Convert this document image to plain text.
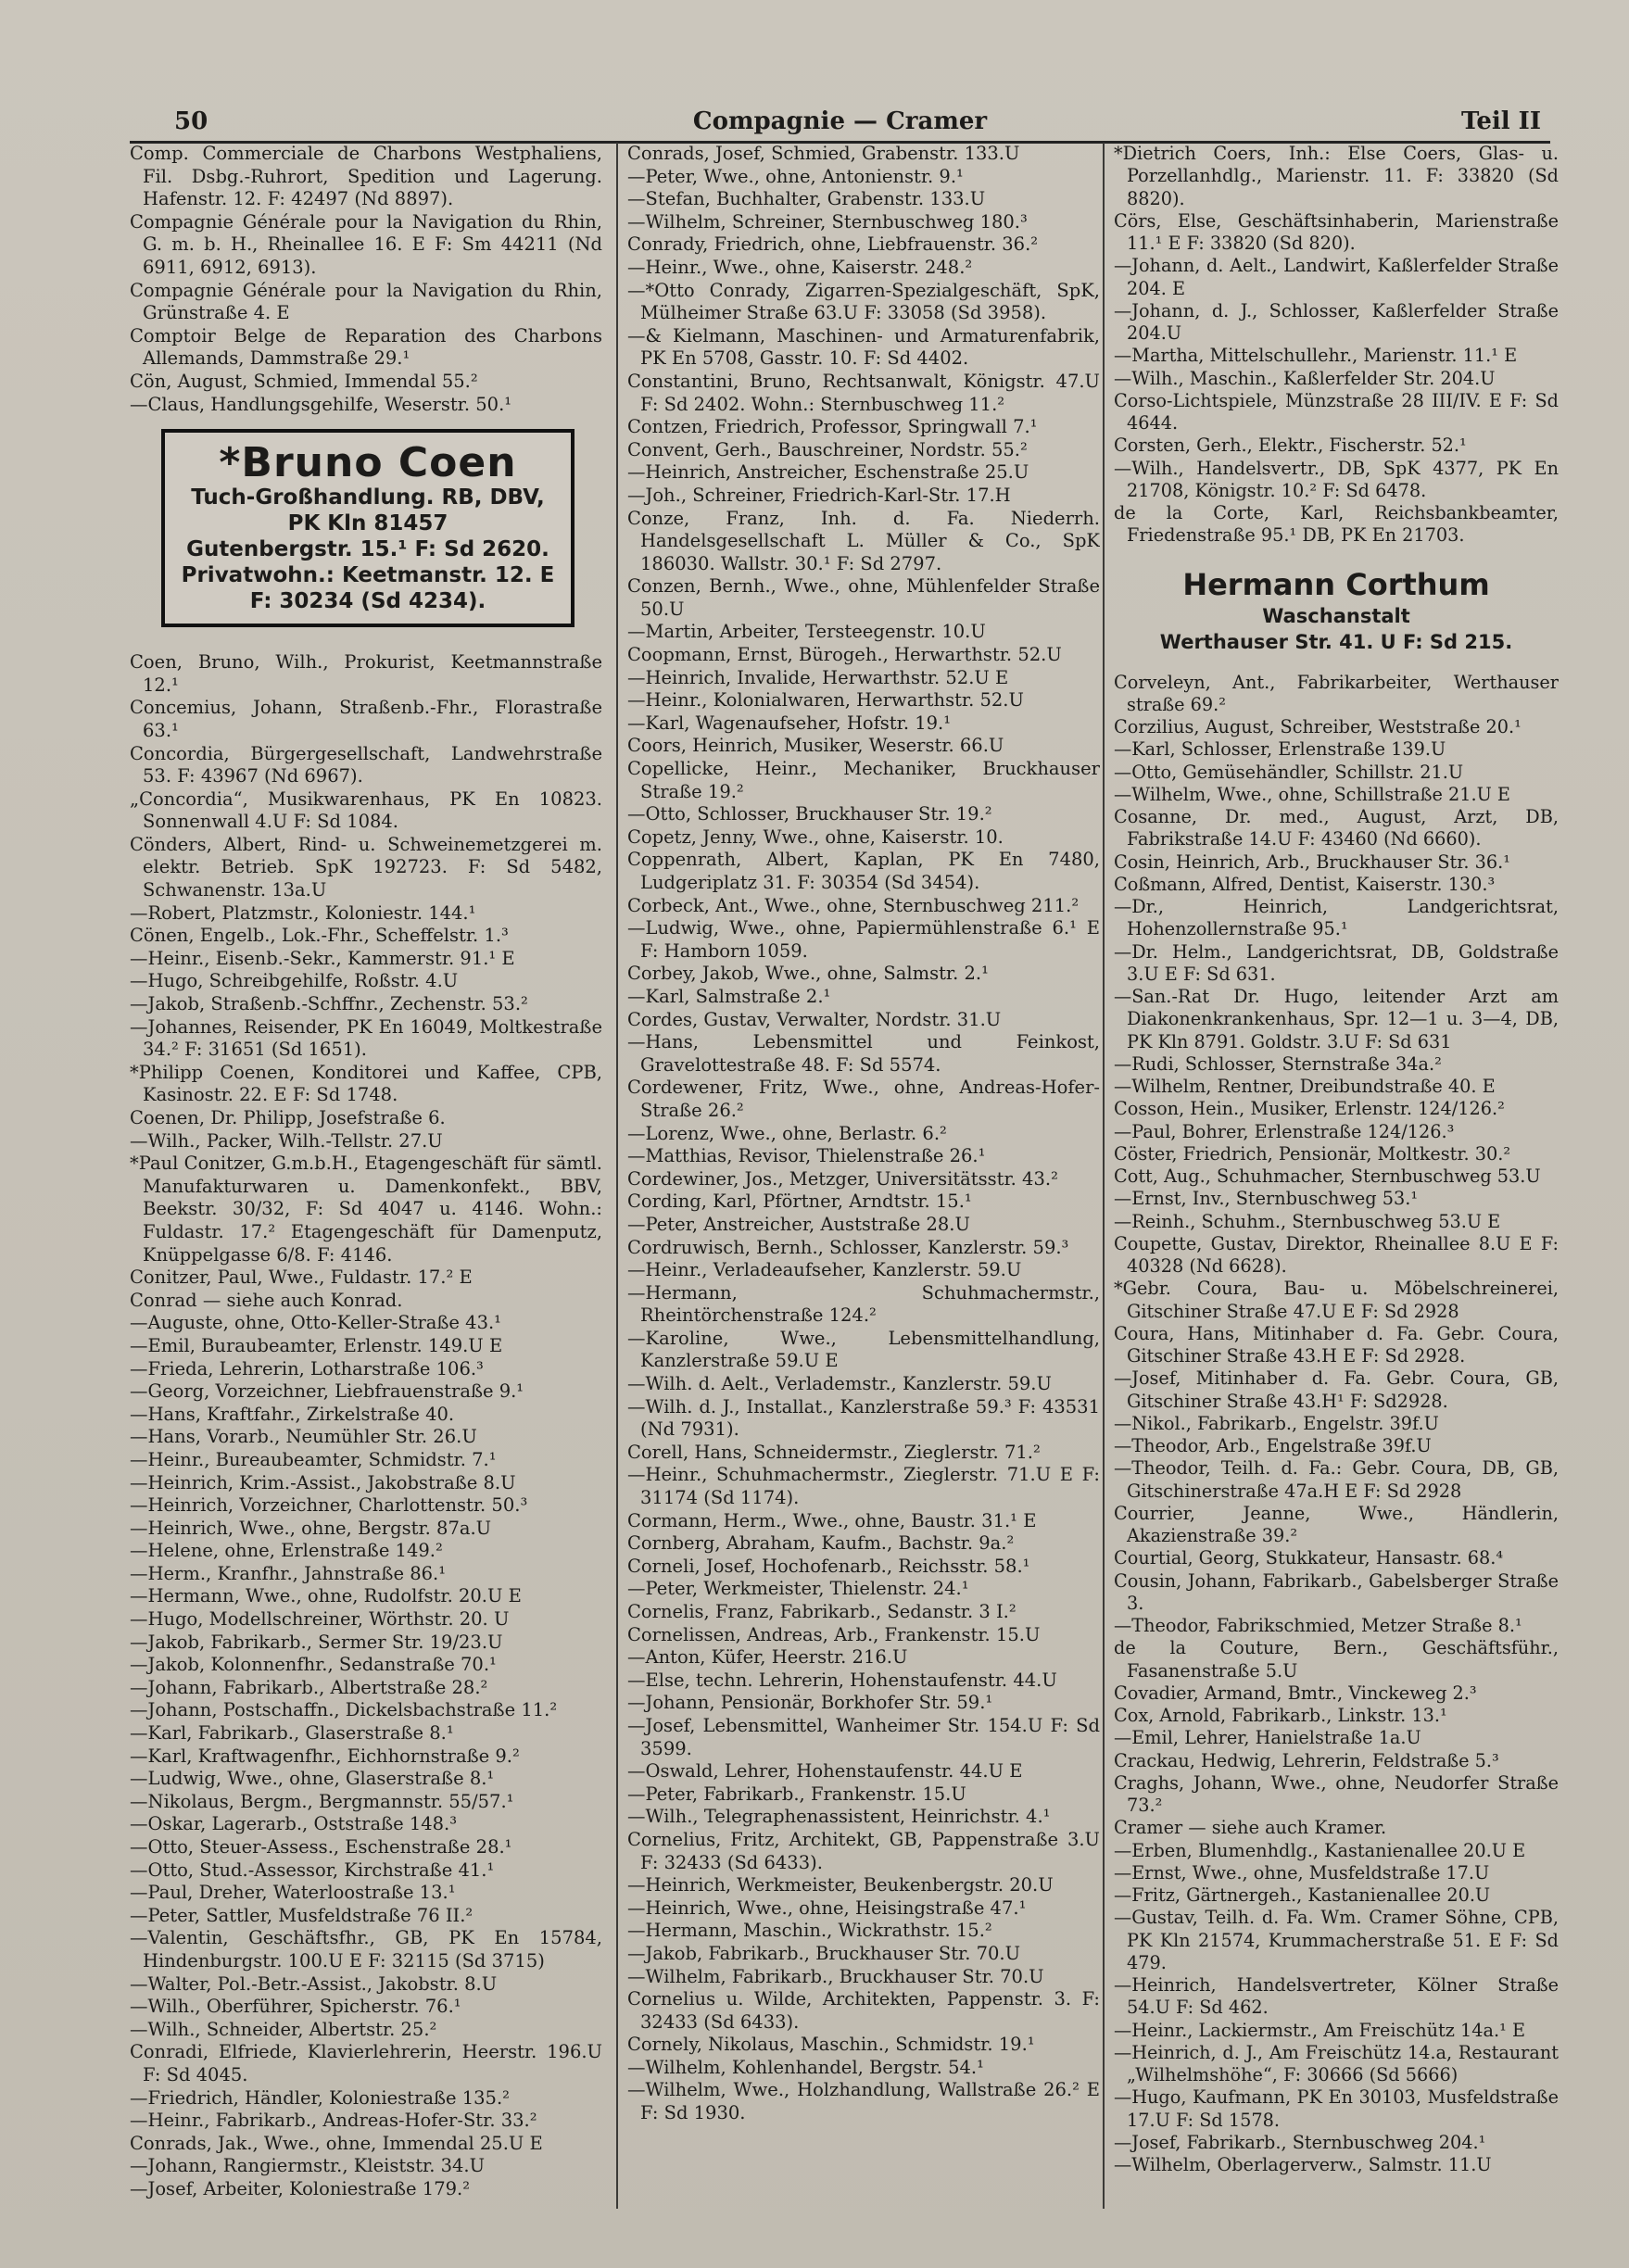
50	Compagnie — Cramer	Teil II

Comp. Commerciale de Charbons Westphaliens, Fil. Dsbg.-Ruhrort, Spedition und Lagerung. Hafenstr. 12. F: 42497 (Nd 8897).

Compagnie Générale pour la Navigation du Rhin, G. m. b. H., Rheinallee 16. E F: Sm 44211 (Nd 6911, 6912, 6913).

Compagnie Générale pour la Navigation du Rhin, Grünstraße 4. E

Comptoir Belge de Reparation des Charbons Allemands, Dammstraße 29.¹

Cön, August, Schmied, Immendal 55.²

—Claus, Handlungsgehilfe, Weserstr. 50.¹

*Bruno Coen
Tuch-Großhandlung. RB, DBV,
PK Kln 81457
Gutenbergstr. 15.¹ F: Sd 2620.
Privatwohn.: Keetmanstr. 12. E
F: 30234 (Sd 4234).

Coen, Bruno, Wilh., Prokurist, Keetmannstraße 12.¹

Concemius, Johann, Straßenb.-Fhr., Florastraße 63.¹

Concordia, Bürgergesellschaft, Landwehrstraße 53. F: 43967 (Nd 6967).

„Concordia“, Musikwarenhaus, PK En 10823. Sonnenwall 4.U F: Sd 1084.

Cönders, Albert, Rind- u. Schweinemetzgerei m. elektr. Betrieb. SpK 192723. F: Sd 5482, Schwanenstr. 13a.U

—Robert, Platzmstr., Koloniestr. 144.¹

Cönen, Engelb., Lok.-Fhr., Scheffelstr. 1.³

—Heinr., Eisenb.-Sekr., Kammerstr. 91.¹ E

—Hugo, Schreibgehilfe, Roßstr. 4.U

—Jakob, Straßenb.-Schffnr., Zechenstr. 53.²

—Johannes, Reisender, PK En 16049, Moltkestraße 34.² F: 31651 (Sd 1651).

*Philipp Coenen, Konditorei und Kaffee, CPB, Kasinostr. 22. E F: Sd 1748.

Coenen, Dr. Philipp, Josefstraße 6.

—Wilh., Packer, Wilh.-Tellstr. 27.U

*Paul Conitzer, G.m.b.H., Etagengeschäft für sämtl. Manufakturwaren u. Damenkonfekt., BBV, Beekstr. 30/32, F: Sd 4047 u. 4146. Wohn.: Fuldastr. 17.² Etagengeschäft für Damenputz, Knüppelgasse 6/8. F: 4146.

Conitzer, Paul, Wwe., Fuldastr. 17.² E

Conrad — siehe auch Konrad.

—Auguste, ohne, Otto-Keller-Straße 43.¹

—Emil, Buraubeamter, Erlenstr. 149.U E

—Frieda, Lehrerin, Lotharstraße 106.³

—Georg, Vorzeichner, Liebfrauenstraße 9.¹

—Hans, Kraftfahr., Zirkelstraße 40.

—Hans, Vorarb., Neumühler Str. 26.U

—Heinr., Bureaubeamter, Schmidstr. 7.¹

—Heinrich, Krim.-Assist., Jakobstraße 8.U

—Heinrich, Vorzeichner, Charlottenstr. 50.³

—Heinrich, Wwe., ohne, Bergstr. 87a.U

—Helene, ohne, Erlenstraße 149.²

—Herm., Kranfhr., Jahnstraße 86.¹

—Hermann, Wwe., ohne, Rudolfstr. 20.U E

—Hugo, Modellschreiner, Wörthstr. 20. U

—Jakob, Fabrikarb., Sermer Str. 19/23.U

—Jakob, Kolonnenfhr., Sedanstraße 70.¹

—Johann, Fabrikarb., Albertstraße 28.²

—Johann, Postschaffn., Dickelsbachstraße 11.²

—Karl, Fabrikarb., Glaserstraße 8.¹

—Karl, Kraftwagenfhr., Eichhornstraße 9.²

—Ludwig, Wwe., ohne, Glaserstraße 8.¹

—Nikolaus, Bergm., Bergmannstr. 55/57.¹

—Oskar, Lagerarb., Oststraße 148.³

—Otto, Steuer-Assess., Eschenstraße 28.¹

—Otto, Stud.-Assessor, Kirchstraße 41.¹

—Paul, Dreher, Waterloostraße 13.¹

—Peter, Sattler, Musfeldstraße 76 II.²

—Valentin, Geschäftsfhr., GB, PK En 15784, Hindenburgstr. 100.U E F: 32115 (Sd 3715)

—Walter, Pol.-Betr.-Assist., Jakobstr. 8.U

—Wilh., Oberführer, Spicherstr. 76.¹

—Wilh., Schneider, Albertstr. 25.²

Conradi, Elfriede, Klavierlehrerin, Heerstr. 196.U F: Sd 4045.

—Friedrich, Händler, Koloniestraße 135.²

—Heinr., Fabrikarb., Andreas-Hofer-Str. 33.²

Conrads, Jak., Wwe., ohne, Immendal 25.U E

—Johann, Rangiermstr., Kleiststr. 34.U

—Josef, Arbeiter, Koloniestraße 179.²

Conrads, Josef, Schmied, Grabenstr. 133.U

—Peter, Wwe., ohne, Antonienstr. 9.¹

—Stefan, Buchhalter, Grabenstr. 133.U

—Wilhelm, Schreiner, Sternbuschweg 180.³

Conrady, Friedrich, ohne, Liebfrauenstr. 36.²

—Heinr., Wwe., ohne, Kaiserstr. 248.²

—*Otto Conrady, Zigarren-Spezialgeschäft, SpK, Mülheimer Straße 63.U F: 33058 (Sd 3958).

—& Kielmann, Maschinen- und Armaturenfabrik, PK En 5708, Gasstr. 10. F: Sd 4402.

Constantini, Bruno, Rechtsanwalt, Königstr. 47.U F: Sd 2402. Wohn.: Sternbuschweg 11.²

Contzen, Friedrich, Professor, Springwall 7.¹

Convent, Gerh., Bauschreiner, Nordstr. 55.²

—Heinrich, Anstreicher, Eschenstraße 25.U

—Joh., Schreiner, Friedrich-Karl-Str. 17.H

Conze, Franz, Inh. d. Fa. Niederrh. Handelsgesellschaft L. Müller & Co., SpK 186030. Wallstr. 30.¹ F: Sd 2797.

Conzen, Bernh., Wwe., ohne, Mühlenfelder Straße 50.U

—Martin, Arbeiter, Tersteegenstr. 10.U

Coopmann, Ernst, Bürogeh., Herwarthstr. 52.U

—Heinrich, Invalide, Herwarthstr. 52.U E

—Heinr., Kolonialwaren, Herwarthstr. 52.U

—Karl, Wagenaufseher, Hofstr. 19.¹

Coors, Heinrich, Musiker, Weserstr. 66.U

Copellicke, Heinr., Mechaniker, Bruckhauser Straße 19.²

—Otto, Schlosser, Bruckhauser Str. 19.²

Copetz, Jenny, Wwe., ohne, Kaiserstr. 10.

Coppenrath, Albert, Kaplan, PK En 7480, Ludgeriplatz 31. F: 30354 (Sd 3454).

Corbeck, Ant., Wwe., ohne, Sternbuschweg 211.²

—Ludwig, Wwe., ohne, Papiermühlenstraße 6.¹ E F: Hamborn 1059.

Corbey, Jakob, Wwe., ohne, Salmstr. 2.¹

—Karl, Salmstraße 2.¹

Cordes, Gustav, Verwalter, Nordstr. 31.U

—Hans, Lebensmittel und Feinkost, Gravelottestraße 48. F: Sd 5574.

Cordewener, Fritz, Wwe., ohne, Andreas-Hofer-Straße 26.²

—Lorenz, Wwe., ohne, Berlastr. 6.²

—Matthias, Revisor, Thielenstraße 26.¹

Cordewiner, Jos., Metzger, Universitätsstr. 43.²

Cording, Karl, Pförtner, Arndtstr. 15.¹

—Peter, Anstreicher, Auststraße 28.U

Cordruwisch, Bernh., Schlosser, Kanzlerstr. 59.³

—Heinr., Verladeaufseher, Kanzlerstr. 59.U

—Hermann, Schuhmachermstr., Rheintörchenstraße 124.²

—Karoline, Wwe., Lebensmittelhandlung, Kanzlerstraße 59.U E

—Wilh. d. Aelt., Verlademstr., Kanzlerstr. 59.U

—Wilh. d. J., Installat., Kanzlerstraße 59.³ F: 43531 (Nd 7931).

Corell, Hans, Schneidermstr., Zieglerstr. 71.²

—Heinr., Schuhmachermstr., Zieglerstr. 71.U E F: 31174 (Sd 1174).

Cormann, Herm., Wwe., ohne, Baustr. 31.¹ E

Cornberg, Abraham, Kaufm., Bachstr. 9a.²

Corneli, Josef, Hochofenarb., Reichsstr. 58.¹

—Peter, Werkmeister, Thielenstr. 24.¹

Cornelis, Franz, Fabrikarb., Sedanstr. 3 I.²

Cornelissen, Andreas, Arb., Frankenstr. 15.U

—Anton, Küfer, Heerstr. 216.U

—Else, techn. Lehrerin, Hohenstaufenstr. 44.U

—Johann, Pensionär, Borkhofer Str. 59.¹

—Josef, Lebensmittel, Wanheimer Str. 154.U F: Sd 3599.

—Oswald, Lehrer, Hohenstaufenstr. 44.U E

—Peter, Fabrikarb., Frankenstr. 15.U

—Wilh., Telegraphenassistent, Heinrichstr. 4.¹

Cornelius, Fritz, Architekt, GB, Pappenstraße 3.U F: 32433 (Sd 6433).

—Heinrich, Werkmeister, Beukenbergstr. 20.U

—Heinrich, Wwe., ohne, Heisingstraße 47.¹

—Hermann, Maschin., Wickrathstr. 15.²

—Jakob, Fabrikarb., Bruckhauser Str. 70.U

—Wilhelm, Fabrikarb., Bruckhauser Str. 70.U

Cornelius u. Wilde, Architekten, Pappenstr. 3. F: 32433 (Sd 6433).

Cornely, Nikolaus, Maschin., Schmidstr. 19.¹

—Wilhelm, Kohlenhandel, Bergstr. 54.¹

—Wilhelm, Wwe., Holzhandlung, Wallstraße 26.² E F: Sd 1930.

*Dietrich Coers, Inh.: Else Coers, Glas- u. Porzellanhdlg., Marienstr. 11. F: 33820 (Sd 8820).

Cörs, Else, Geschäftsinhaberin, Marienstraße 11.¹ E F: 33820 (Sd 820).

—Johann, d. Aelt., Landwirt, Kaßlerfelder Straße 204. E

—Johann, d. J., Schlosser, Kaßlerfelder Straße 204.U

—Martha, Mittelschullehr., Marienstr. 11.¹ E

—Wilh., Maschin., Kaßlerfelder Str. 204.U

Corso-Lichtspiele, Münzstraße 28 III/IV. E F: Sd 4644.

Corsten, Gerh., Elektr., Fischerstr. 52.¹

—Wilh., Handelsvertr., DB, SpK 4377, PK En 21708, Königstr. 10.² F: Sd 6478.

de la Corte, Karl, Reichsbankbeamter, Friedenstraße 95.¹ DB, PK En 21703.

Hermann Corthum
Waschanstalt
Werthauser Str. 41. U F: Sd 215.

Corveleyn, Ant., Fabrikarbeiter, Werthauser straße 69.²

Corzilius, August, Schreiber, Weststraße 20.¹

—Karl, Schlosser, Erlenstraße 139.U

—Otto, Gemüsehändler, Schillstr. 21.U

—Wilhelm, Wwe., ohne, Schillstraße 21.U E

Cosanne, Dr. med., August, Arzt, DB, Fabrikstraße 14.U F: 43460 (Nd 6660).

Cosin, Heinrich, Arb., Bruckhauser Str. 36.¹

Coßmann, Alfred, Dentist, Kaiserstr. 130.³

—Dr., Heinrich, Landgerichtsrat, Hohenzollernstraße 95.¹

—Dr. Helm., Landgerichtsrat, DB, Goldstraße 3.U E F: Sd 631.

—San.-Rat Dr. Hugo, leitender Arzt am Diakonenkrankenhaus, Spr. 12—1 u. 3—4, DB, PK Kln 8791. Goldstr. 3.U F: Sd 631

—Rudi, Schlosser, Sternstraße 34a.²

—Wilhelm, Rentner, Dreibundstraße 40. E

Cosson, Hein., Musiker, Erlenstr. 124/126.²

—Paul, Bohrer, Erlenstraße 124/126.³

Cöster, Friedrich, Pensionär, Moltkestr. 30.²

Cott, Aug., Schuhmacher, Sternbuschweg 53.U

—Ernst, Inv., Sternbuschweg 53.¹

—Reinh., Schuhm., Sternbuschweg 53.U E

Coupette, Gustav, Direktor, Rheinallee 8.U E F: 40328 (Nd 6628).

*Gebr. Coura, Bau- u. Möbelschreinerei, Gitschiner Straße 47.U E F: Sd 2928

Coura, Hans, Mitinhaber d. Fa. Gebr. Coura, Gitschiner Straße 43.H E F: Sd 2928.

—Josef, Mitinhaber d. Fa. Gebr. Coura, GB, Gitschiner Straße 43.H¹ F: Sd2928.

—Nikol., Fabrikarb., Engelstr. 39f.U

—Theodor, Arb., Engelstraße 39f.U

—Theodor, Teilh. d. Fa.: Gebr. Coura, DB, GB, Gitschinerstraße 47a.H E F: Sd 2928

Courrier, Jeanne, Wwe., Händlerin, Akazienstraße 39.²

Courtial, Georg, Stukkateur, Hansastr. 68.⁴

Cousin, Johann, Fabrikarb., Gabelsberger Straße 3.

—Theodor, Fabrikschmied, Metzer Straße 8.¹

de la Couture, Bern., Geschäftsführ., Fasanenstraße 5.U

Covadier, Armand, Bmtr., Vinckeweg 2.³

Cox, Arnold, Fabrikarb., Linkstr. 13.¹

—Emil, Lehrer, Hanielstraße 1a.U

Crackau, Hedwig, Lehrerin, Feldstraße 5.³

Craghs, Johann, Wwe., ohne, Neudorfer Straße 73.²

Cramer — siehe auch Kramer.

—Erben, Blumenhdlg., Kastanienallee 20.U E

—Ernst, Wwe., ohne, Musfeldstraße 17.U

—Fritz, Gärtnergeh., Kastanienallee 20.U

—Gustav, Teilh. d. Fa. Wm. Cramer Söhne, CPB, PK Kln 21574, Krummacherstraße 51. E F: Sd 479.

—Heinrich, Handelsvertreter, Kölner Straße 54.U F: Sd 462.

—Heinr., Lackiermstr., Am Freischütz 14a.¹ E

—Heinrich, d. J., Am Freischütz 14.a, Restaurant „Wilhelmshöhe“, F: 30666 (Sd 5666)

—Hugo, Kaufmann, PK En 30103, Musfeldstraße 17.U F: Sd 1578.

—Josef, Fabrikarb., Sternbuschweg 204.¹

—Wilhelm, Oberlagerverw., Salmstr. 11.U
